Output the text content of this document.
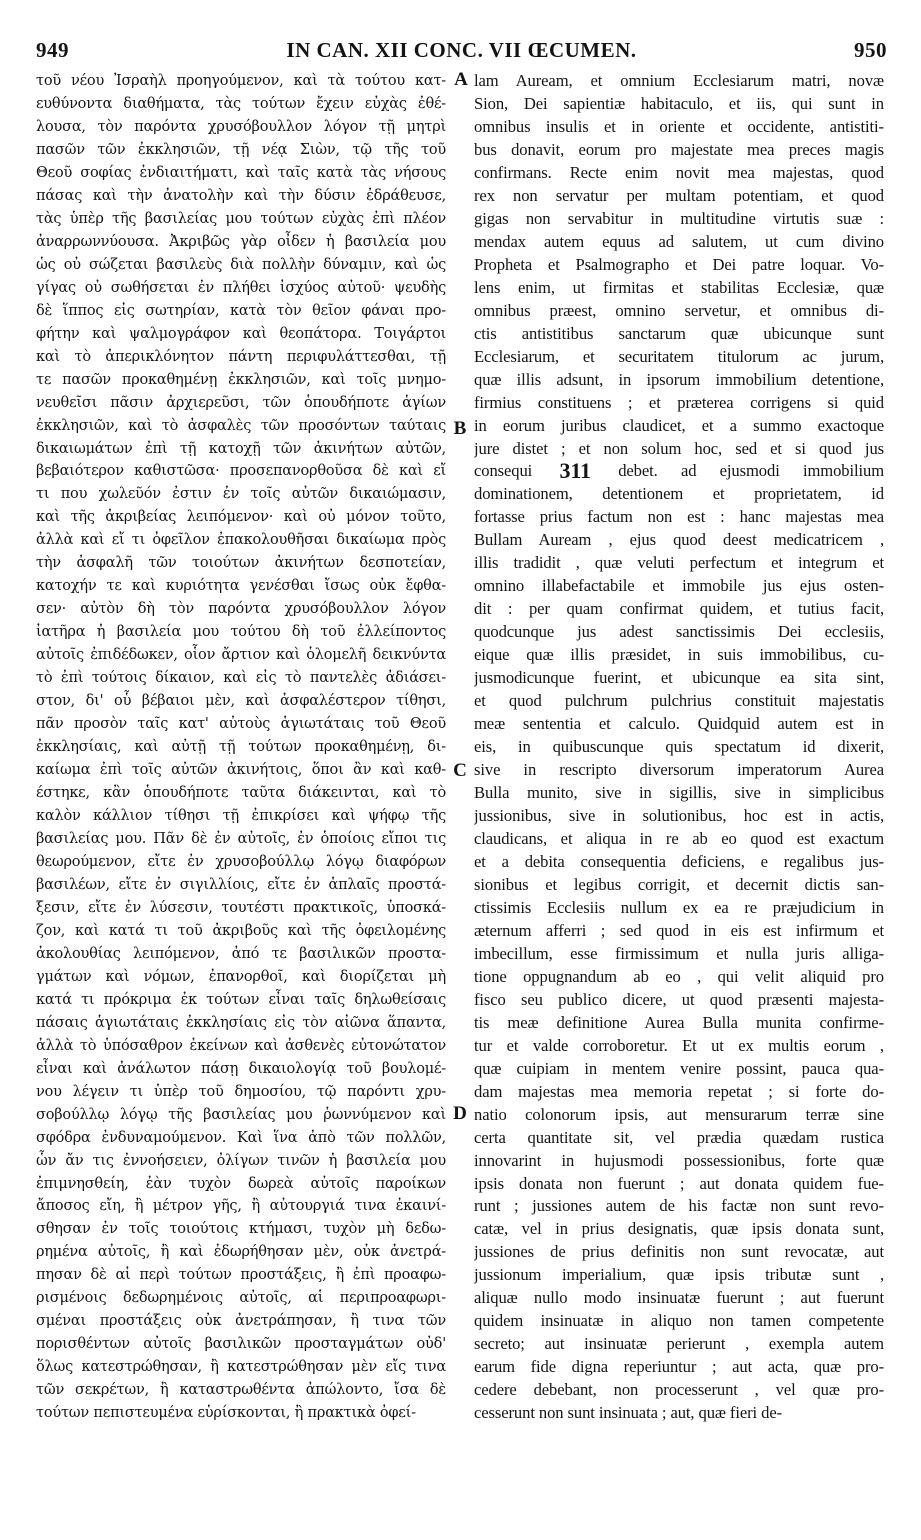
949	IN CAN. XII CONC. VII ŒCUMEN.	950
τοῦ νέου Ἰσραὴλ προηγούμενον, καὶ τὰ τούτου κατ-
ευθύνοντα διαθήματα, τὰς τούτων ἔχειν εὐχὰς ἐθέ-
λουσα, τὸν παρόντα χρυσόβουλλον λόγον τῇ μητρὶ
πασῶν τῶν ἐκκλησιῶν, τῇ νέᾳ Σιὼν, τῷ τῆς τοῦ
Θεοῦ σοφίας ἐνδιαιτήματι, καὶ ταῖς κατὰ τὰς νήσους
πάσας καὶ τὴν ἀνατολὴν καὶ τὴν δύσιν ἐδράθευσε,
τὰς ὑπὲρ τῆς βασιλείας μου τούτων εὐχὰς ἐπὶ πλέον
ἀναρρωννύουσα. Ἀκριβῶς γὰρ οἶδεν ἡ βασιλεία μου
ὡς οὐ σώζεται βασιλεὺς διὰ πολλὴν δύναμιν, καὶ ὡς
γίγας οὐ σωθήσεται ἐν πλήθει ἰσχύος αὐτοῦ· ψευδὴς
δὲ ἵππος εἰς σωτηρίαν, κατὰ τὸν θεῖον φάναι προ-
φήτην καὶ ψαλμογράφον καὶ θεοπάτορα. Τοιγάρτοι
καὶ τὸ ἀπερικλόνητον πάντη περιφυλάττεσθαι, τῇ
τε πασῶν προκαθημένῃ ἐκκλησιῶν, καὶ τοῖς μνημο-
νευθεῖσι πᾶσιν ἀρχιερεῦσι, τῶν ὁπουδήποτε ἁγίων
ἐκκλησιῶν, καὶ τὸ ἀσφαλὲς τῶν προσόντων ταύταις
δικαιωμάτων ἐπὶ τῇ κατοχῇ τῶν ἀκινήτων αὐτῶν,
βεβαιότερον καθιστῶσα· προσεπανορθοῦσα δὲ καὶ εἴ
τι που χωλεῦόν ἐστιν ἐν τοῖς αὐτῶν δικαιώμασιν,
καὶ τῆς ἀκριβείας λειπόμενον· καὶ οὐ μόνον τοῦτο,
ἀλλὰ καὶ εἴ τι ὀφεῖλον ἐπακολουθῆσαι δικαίωμα πρὸς
τὴν ἀσφαλῆ τῶν τοιούτων ἀκινήτων δεσποτείαν,
κατοχήν τε καὶ κυριότητα γενέσθαι ἴσως οὐκ ἔφθα-
σεν· αὐτὸν δὴ τὸν παρόντα χρυσόβουλλον λόγον
ἰατῆρα ἡ βασιλεία μου τούτου δὴ τοῦ ἐλλείποντος
αὐτοῖς ἐπιδέδωκεν, οἷον ἄρτιον καὶ ὁλομελῆ δεικνύντα
τὸ ἐπὶ τούτοις δίκαιον, καὶ εἰς τὸ παντελὲς ἀδιάσει-
στον, δι' οὗ βέβαιοι μὲν, καὶ ἀσφαλέστερον τίθησι,
πᾶν προσὸν ταῖς κατ' αὐτοὺς ἁγιωτάταις τοῦ Θεοῦ
ἐκκλησίαις, καὶ αὐτῇ τῇ τούτων προκαθημένῃ, δι-
καίωμα ἐπὶ τοῖς αὐτῶν ἀκινήτοις, ὅποι ἂν καὶ καθ-
έστηκε, κἂν ὁπουδήποτε ταῦτα διάκεινται, καὶ τὸ
καλὸν κάλλιον τίθησι τῇ ἐπικρίσει καὶ ψήφῳ τῆς
βασιλείας μου. Πᾶν δὲ ἐν αὐτοῖς, ἐν ὁποίοις εἴποι τις
θεωρούμενον, εἴτε ἐν χρυσοβούλλῳ λόγῳ διαφόρων
βασιλέων, εἴτε ἐν σιγιλλίοις, εἴτε ἐν ἁπλαῖς προστά-
ξεσιν, εἴτε ἐν λύσεσιν, τουτέστι πρακτικοῖς, ὑποσκά-
ζον, καὶ κατά τι τοῦ ἀκριβοῦς καὶ τῆς ὀφειλομένης
ἀκολουθίας λειπόμενον, ἀπό τε βασιλικῶν προστα-
γμάτων καὶ νόμων, ἐπανορθοῖ, καὶ διορίζεται μὴ
κατά τι πρόκριμα ἐκ τούτων εἶναι ταῖς δηλωθείσαις
πάσαις ἁγιωτάταις ἐκκλησίαις εἰς τὸν αἰῶνα ἅπαντα,
ἀλλὰ τὸ ὑπόσαθρον ἐκείνων καὶ ἀσθενὲς εὐτονώτατον
εἶναι καὶ ἀνάλωτον πάσῃ δικαιολογίᾳ τοῦ βουλομέ-
νου λέγειν τι ὑπὲρ τοῦ δημοσίου, τῷ παρόντι χρυ-
σοβούλλῳ λόγῳ τῆς βασιλείας μου ῥωννύμενον καὶ
σφόδρα ἐνδυναμούμενον. Καὶ ἵνα ἀπὸ τῶν πολλῶν,
ὧν ἄν τις ἐννοήσειεν, ὀλίγων τινῶν ἡ βασιλεία μου
ἐπιμνησθείη, ἐὰν τυχὸν δωρεὰ αὐτοῖς παροίκων
ἄποσος εἴη, ἢ μέτρον γῆς, ἢ αὐτουργιά τινα ἐκαινί-
σθησαν ἐν τοῖς τοιούτοις κτήμασι, τυχὸν μὴ δεδω-
ρημένα αὐτοῖς, ἢ καὶ ἐδωρήθησαν μὲν, οὐκ ἀνετρά-
πησαν δὲ αἱ περὶ τούτων προστάξεις, ἢ ἐπὶ προαφω-
ρισμένοις δεδωρημένοις αὐτοῖς, αἱ περιπροαφωρι-
σμέναι προστάξεις οὐκ ἀνετράπησαν, ἢ τινα τῶν
πορισθέντων αὐτοῖς βασιλικῶν προσταγμάτων οὐδ'
ὅλως κατεστρώθησαν, ἢ κατεστρώθησαν μὲν εἴς τινα
τῶν σεκρέτων, ἢ καταστρωθέντα ἀπώλοντο, ἴσα δὲ
τούτων πεπιστευμένα εὑρίσκονται, ἢ πρακτικὰ ὀφεί-
A
B
C
D
lam Auream, et omnium Ecclesiarum matri, novæ
Sion, Dei sapientiæ habitaculo, et iis, qui sunt in
omnibus insulis et in oriente et occidente, antistiti-
bus donavit, eorum pro majestate mea preces magis
confirmans. Recte enim novit mea majestas, quod
rex non servatur per multam potentiam, et quod
gigas non servabitur in multitudine virtutis suæ :
mendax autem equus ad salutem, ut cum divino
Propheta et Psalmographo et Dei patre loquar. Vo-
lens enim, ut firmitas et stabilitas Ecclesiæ, quæ
omnibus præest, omnino servetur, et omnibus di-
ctis antistitibus sanctarum quæ ubicunque sunt
Ecclesiarum, et securitatem titulorum ac jurum,
quæ illis adsunt, in ipsorum immobilium detentione,
firmius constituens ; et præterea corrigens si quid
in eorum juribus claudicet, et a summo exactoque
jure distet ; et non solum hoc, sed et si quod jus
consequi 311 debet. ad ejusmodi immobilium
dominationem, detentionem et proprietatem, id
fortasse prius factum non est : hanc majestas mea
Bullam Auream , ejus quod deest medicatricem ,
illis tradidit , quæ veluti perfectum et integrum et
omnino illabefactabile et immobile jus ejus osten-
dit : per quam confirmat quidem, et tutius facit,
quodcunque jus adest sanctissimis Dei ecclesiis,
eique quæ illis præsidet, in suis immobilibus, cu-
jusmodicunque fuerint, et ubicunque ea sita sint,
et quod pulchrum pulchrius constituit majestatis
meæ sententia et calculo. Quidquid autem est in
eis, in quibuscunque quis spectatum id dixerit,
sive in rescripto diversorum imperatorum Aurea
Bulla munito, sive in sigillis, sive in simplicibus
jussionibus, sive in solutionibus, hoc est in actis,
claudicans, et aliqua in re ab eo quod est exactum
et a debita consequentia deficiens, e regalibus jus-
sionibus et legibus corrigit, et decernit dictis san-
ctissimis Ecclesiis nullum ex ea re præjudicium in
æternum afferri ; sed quod in eis est infirmum et
imbecillum, esse firmissimum et nulla juris alliga-
tione oppugnandum ab eo , qui velit aliquid pro
fisco seu publico dicere, ut quod præsenti majesta-
tis meæ definitione Aurea Bulla munita confirme-
tur et valde corroboretur. Et ut ex multis eorum ,
quæ cuipiam in mentem venire possint, pauca qua-
dam majestas mea memoria repetat ; si forte do-
natio colonorum ipsis, aut mensurarum terræ sine
certa quantitate sit, vel prædia quædam rustica
innovarint in hujusmodi possessionibus, forte quæ
ipsis donata non fuerunt ; aut donata quidem fue-
runt ; jussiones autem de his factæ non sunt revo-
catæ, vel in prius designatis, quæ ipsis donata sunt,
jussiones de prius definitis non sunt revocatæ, aut
jussionum imperialium, quæ ipsis tributæ sunt ,
aliquæ nullo modo insinuatæ fuerunt ; aut fuerunt
quidem insinuatæ in aliquo non tamen competente
secreto; aut insinuatæ perierunt , exempla autem
earum fide digna reperiuntur ; aut acta, quæ pro-
cedere debebant, non processerunt , vel quæ pro-
cesserunt non sunt insinuata ; aut, quæ fieri de-
